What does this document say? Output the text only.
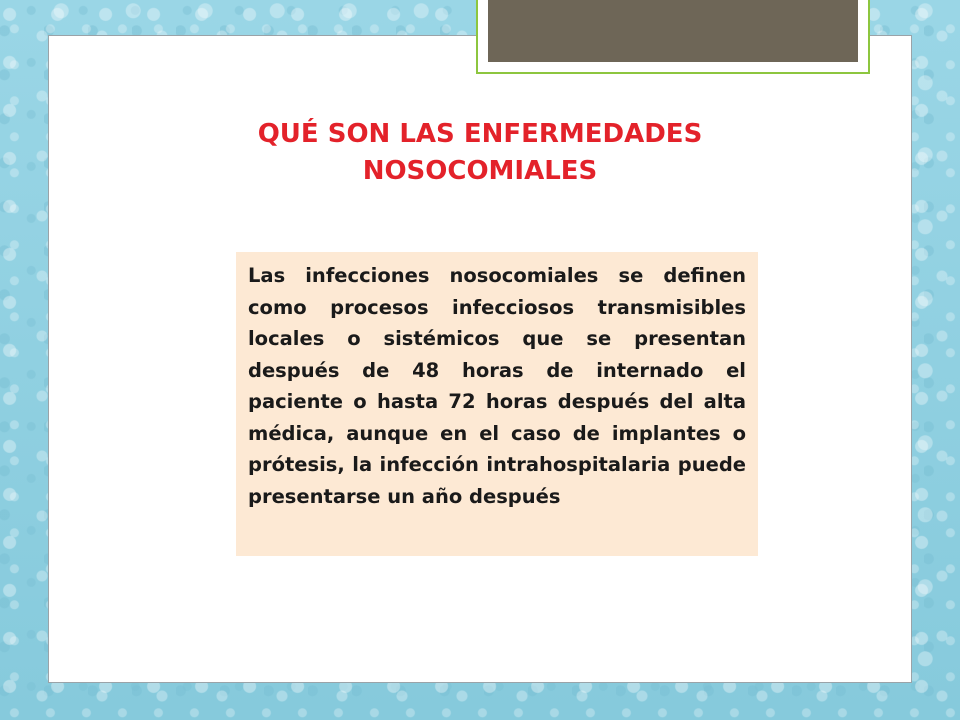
QUÉ SON LAS ENFERMEDADES NOSOCOMIALES

Las infecciones nosocomiales se definen como procesos infecciosos transmisibles locales o sistémicos que se presentan después de 48 horas de internado el paciente o hasta 72 horas después del alta médica, aunque en el caso de implantes o prótesis, la infección intrahospitalaria puede presentarse un año después
